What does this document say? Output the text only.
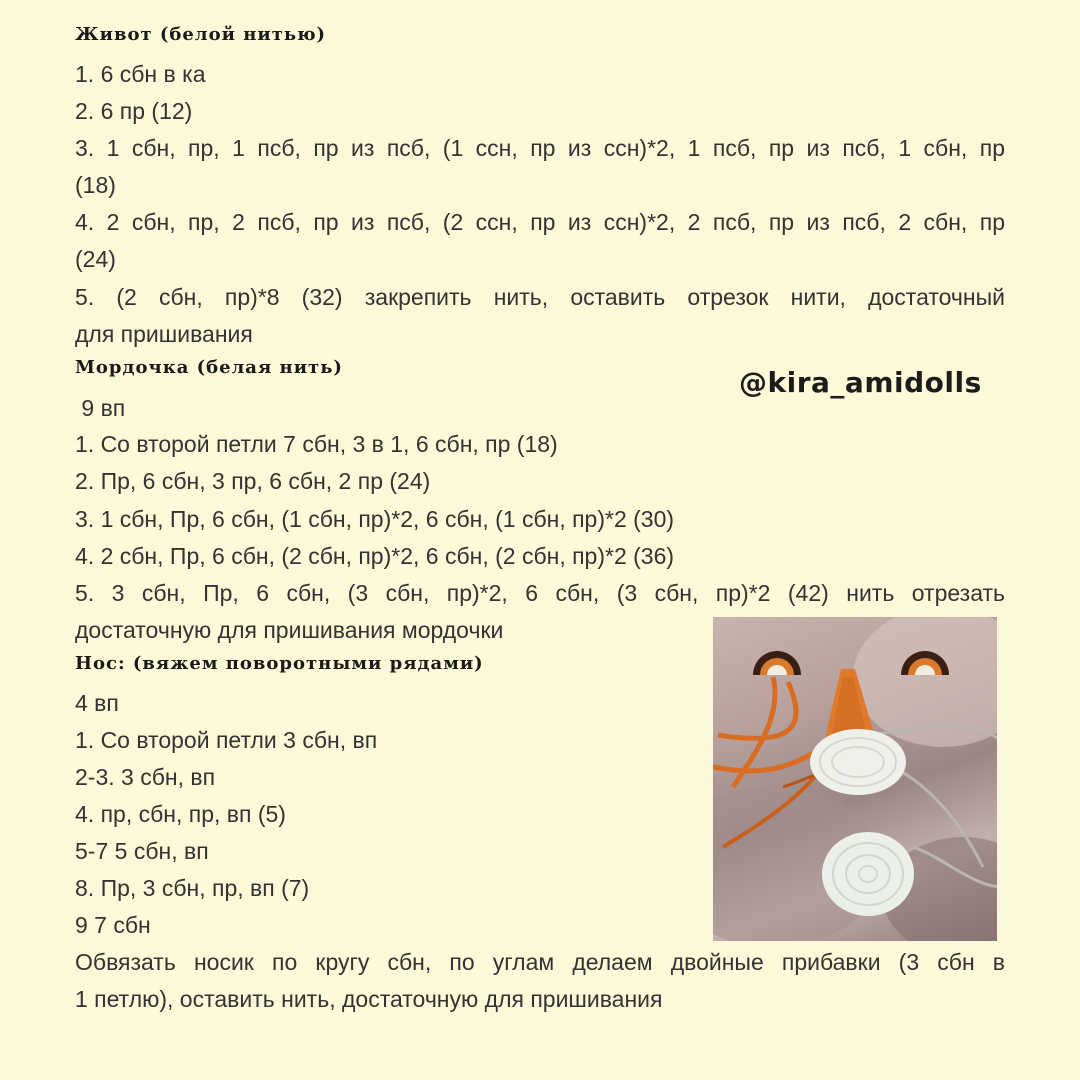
Живот (белой нитью)
1. 6 сбн в ка
2. 6 пр (12)
3. 1 сбн, пр, 1 псб, пр из псб, (1 ссн, пр из ссн)*2, 1 псб, пр из псб, 1 сбн, пр
(18)
4. 2 сбн, пр, 2 псб, пр из псб, (2 ссн, пр из ссн)*2, 2 псб, пр из псб, 2 сбн, пр
(24)
5. (2 сбн, пр)*8 (32) закрепить нить, оставить отрезок нити, достаточный
для пришивания
Мордочка (белая нить)
9 вп
1. Со второй петли 7 сбн, 3 в 1, 6 сбн, пр (18)
2. Пр, 6 сбн, 3 пр, 6 сбн, 2 пр (24)
3. 1 сбн, Пр, 6 сбн, (1 сбн, пр)*2, 6 сбн, (1 сбн, пр)*2 (30)
4. 2 сбн, Пр, 6 сбн, (2 сбн, пр)*2, 6 сбн, (2 сбн, пр)*2 (36)
5. 3 сбн, Пр, 6 сбн, (3 сбн, пр)*2, 6 сбн, (3 сбн, пр)*2 (42) нить отрезать
достаточную для пришивания мордочки
Нос: (вяжем поворотными рядами)
4 вп
1. Со второй петли 3 сбн, вп
2-3. 3 сбн, вп
4. пр, сбн, пр, вп (5)
5-7 5 сбн, вп
8. Пр, 3 сбн, пр, вп (7)
9 7 сбн
Обвязать носик по кругу сбн, по углам делаем двойные прибавки (3 сбн в
1 петлю), оставить нить, достаточную для пришивания
@kira_amidolls
